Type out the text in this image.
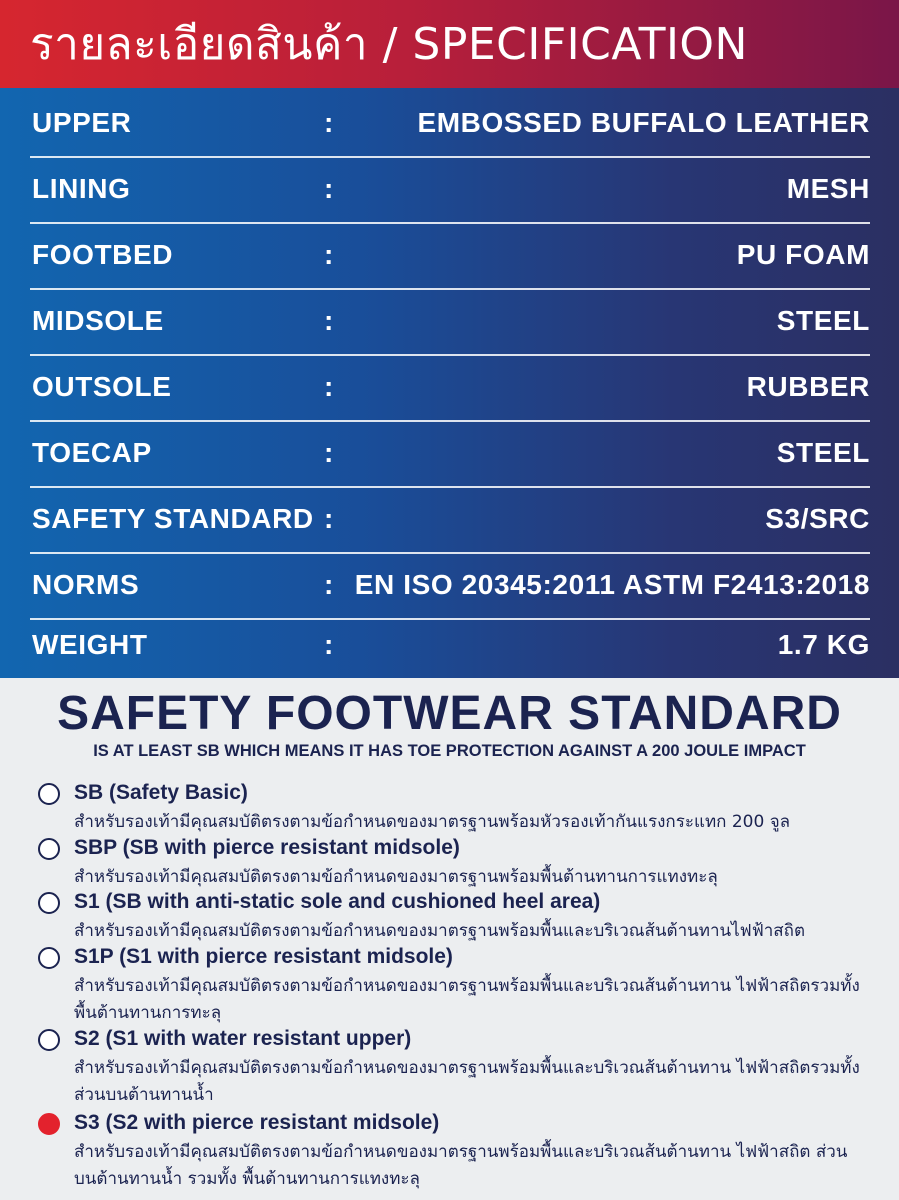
รายละเอียดสินค้า / SPECIFICATION
UPPER	:	EMBOSSED BUFFALO LEATHER
LINING	:	MESH
FOOTBED	:	PU FOAM
MIDSOLE	:	STEEL
OUTSOLE	:	RUBBER
TOECAP	:	STEEL
SAFETY STANDARD :	S3/SRC
NORMS	: EN ISO 20345:2011 ASTM F2413:2018
WEIGHT	:	1.7 KG
SAFETY FOOTWEAR STANDARD
IS AT LEAST SB WHICH MEANS IT HAS TOE PROTECTION AGAINST A 200 JOULE IMPACT
SB (Safety Basic)
สำหรับรองเท้ามีคุณสมบัติตรงตามข้อกำหนดของมาตรฐานพร้อมหัวรองเท้ากันแรงกระแทก 200 จูล
SBP (SB with pierce resistant midsole)
สำหรับรองเท้ามีคุณสมบัติตรงตามข้อกำหนดของมาตรฐานพร้อมพื้นต้านทานการแทงทะลุ
S1 (SB with anti-static sole and cushioned heel area)
สำหรับรองเท้ามีคุณสมบัติตรงตามข้อกำหนดของมาตรฐานพร้อมพื้นและบริเวณส้นต้านทานไฟฟ้าสถิต
S1P (S1 with pierce resistant midsole)
สำหรับรองเท้ามีคุณสมบัติตรงตามข้อกำหนดของมาตรฐานพร้อมพื้นและบริเวณส้นต้านทาน ไฟฟ้าสถิตรวมทั้ง พื้นต้านทานการทะลุ
S2 (S1 with water resistant upper)
สำหรับรองเท้ามีคุณสมบัติตรงตามข้อกำหนดของมาตรฐานพร้อมพื้นและบริเวณส้นต้านทาน ไฟฟ้าสถิตรวมทั้ง ส่วนบนต้านทานน้ำ
S3 (S2 with pierce resistant midsole)
สำหรับรองเท้ามีคุณสมบัติตรงตามข้อกำหนดของมาตรฐานพร้อมพื้นและบริเวณส้นต้านทาน ไฟฟ้าสถิต ส่วนบนต้านทานน้ำ รวมทั้ง พื้นต้านทานการแทงทะลุ
